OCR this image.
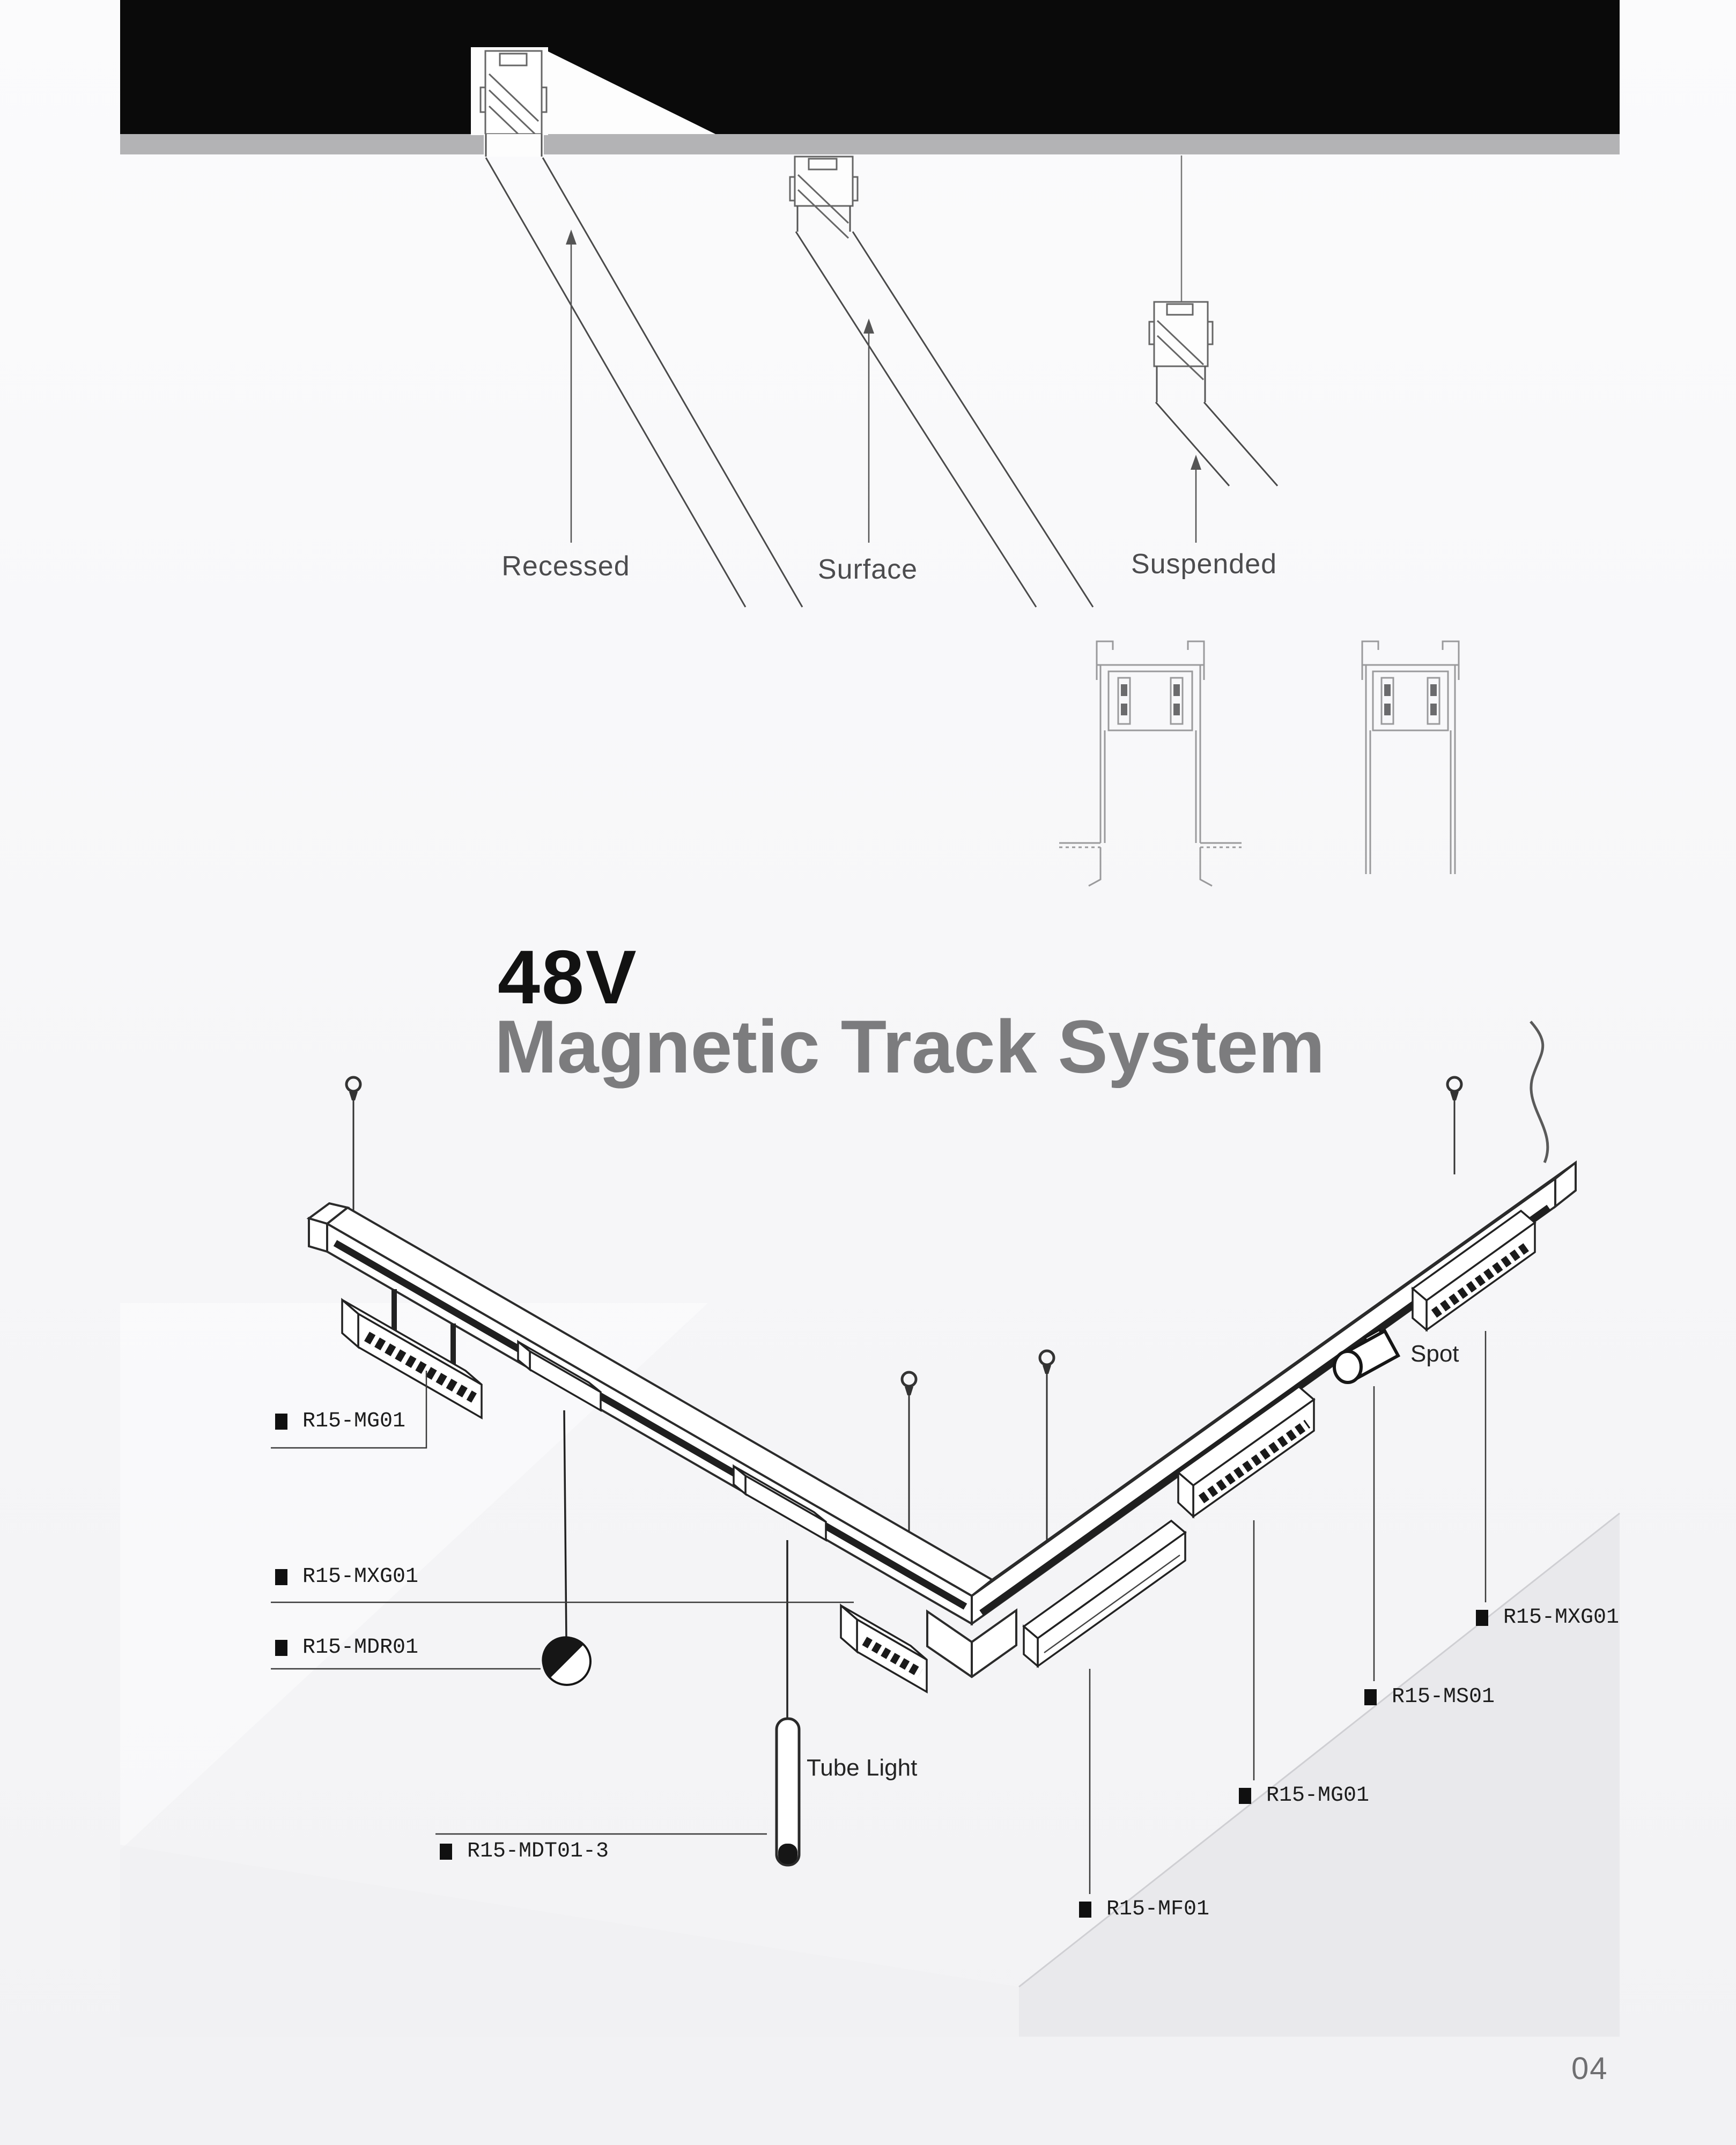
Recessed	Surface	Suspended
48V
Magnetic Track System
R15-MG01
R15-MXG01
R15-MDR01
R15-MDT01-3
R15-MF01
R15-MG01
R15-MS01
R15-MXG01
Tube Light
Spot
04
